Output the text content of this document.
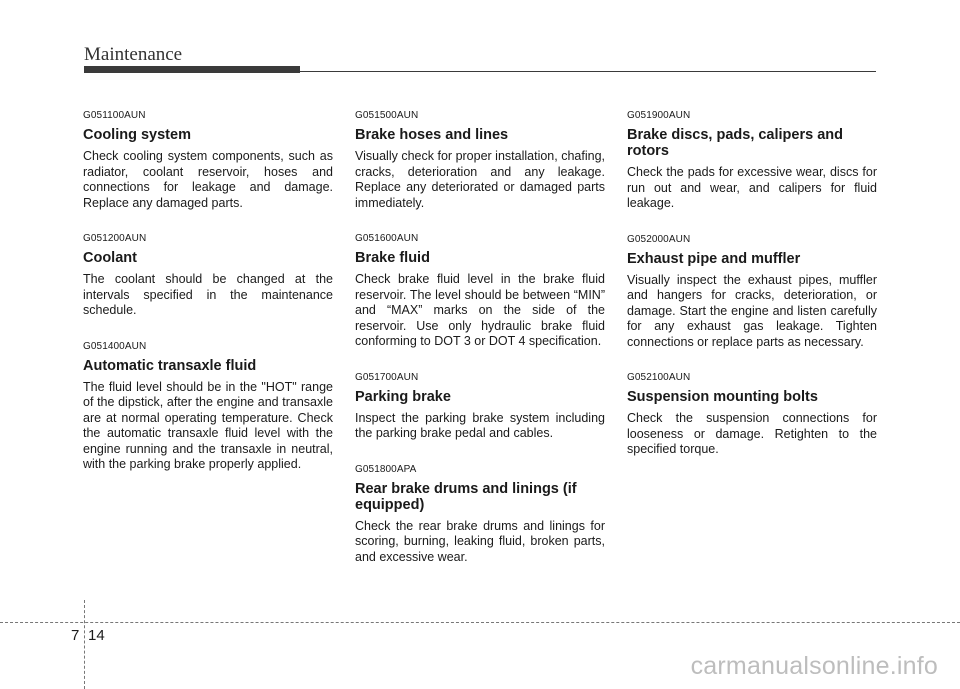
Maintenance
G051100AUN
Cooling system
Check cooling system components, such as radiator, coolant reservoir, hoses and connections for leakage and damage. Replace any damaged parts.
G051200AUN
Coolant
The coolant should be changed at the intervals specified in the maintenance schedule.
G051400AUN
Automatic transaxle fluid
The fluid level should be in the "HOT" range of the dipstick, after the engine and transaxle are at normal operating temperature. Check the automatic transaxle fluid level with the engine running and the transaxle in neutral, with the parking brake properly applied.
G051500AUN
Brake hoses and lines
Visually check for proper installation, chafing, cracks, deterioration and any leakage. Replace any deteriorated or damaged parts immediately.
G051600AUN
Brake fluid
Check brake fluid level in the brake fluid reservoir. The level should be between “MIN” and “MAX” marks on the side of the reservoir. Use only hydraulic brake fluid conforming to DOT 3 or DOT 4 specification.
G051700AUN
Parking brake
Inspect the parking brake system including the parking brake pedal and cables.
G051800APA
Rear brake drums and linings (if equipped)
Check the rear brake drums and linings for scoring, burning, leaking fluid, broken parts, and excessive wear.
G051900AUN
Brake discs, pads, calipers and rotors
Check the pads for excessive wear, discs for run out and wear, and calipers for fluid leakage.
G052000AUN
Exhaust pipe and muffler
Visually inspect the exhaust pipes, muffler and hangers for cracks, deterioration, or damage. Start the engine and listen carefully for any exhaust gas leakage. Tighten connections or replace parts as necessary.
G052100AUN
Suspension mounting bolts
Check the suspension connections for looseness or damage. Retighten to the specified torque.
7 14
carmanualsonline.info
